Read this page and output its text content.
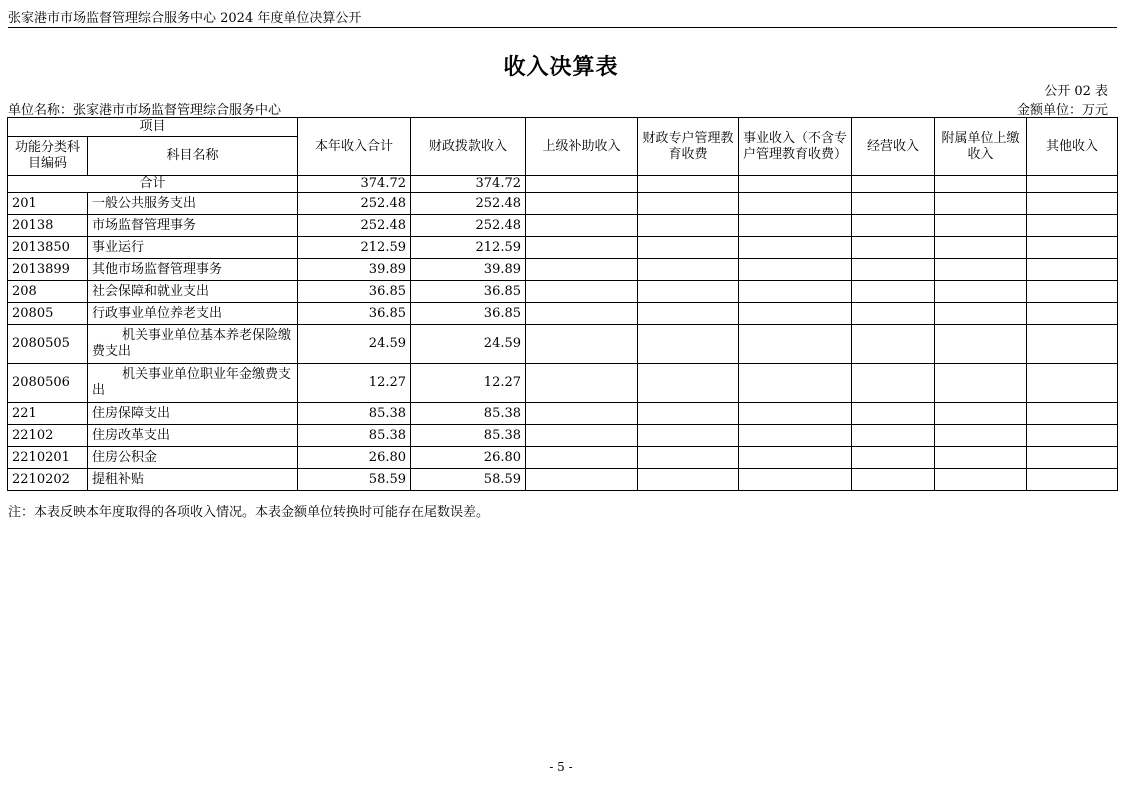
张家港市市场监督管理综合服务中心 2024 年度单位决算公开
收入决算表
公开 02 表
单位名称：张家港市市场监督管理综合服务中心	金额单位：万元
项目		本年收入合计	财政拨款收入	上级补助收入	财政专户管理教育收费	事业收入（不含专户管理教育收费）	经营收入	附属单位上缴收入	其他收入
功能分类科目编码	科目名称								
合计		374.72	374.72						
201	一般公共服务支出	252.48	252.48						
20138	市场监督管理事务	252.48	252.48						
2013850	事业运行	212.59	212.59						
2013899	其他市场监督管理事务	39.89	39.89						
208	社会保障和就业支出	36.85	36.85						
20805	行政事业单位养老支出	36.85	36.85						
2080505	机关事业单位基本养老保险缴费支出	24.59	24.59						
2080506	机关事业单位职业年金缴费支出	12.27	12.27						
221	住房保障支出	85.38	85.38						
22102	住房改革支出	85.38	85.38						
2210201	住房公积金	26.80	26.80						
2210202	提租补贴	58.59	58.59						
注：本表反映本年度取得的各项收入情况。本表金额单位转换时可能存在尾数误差。
- 5 -
